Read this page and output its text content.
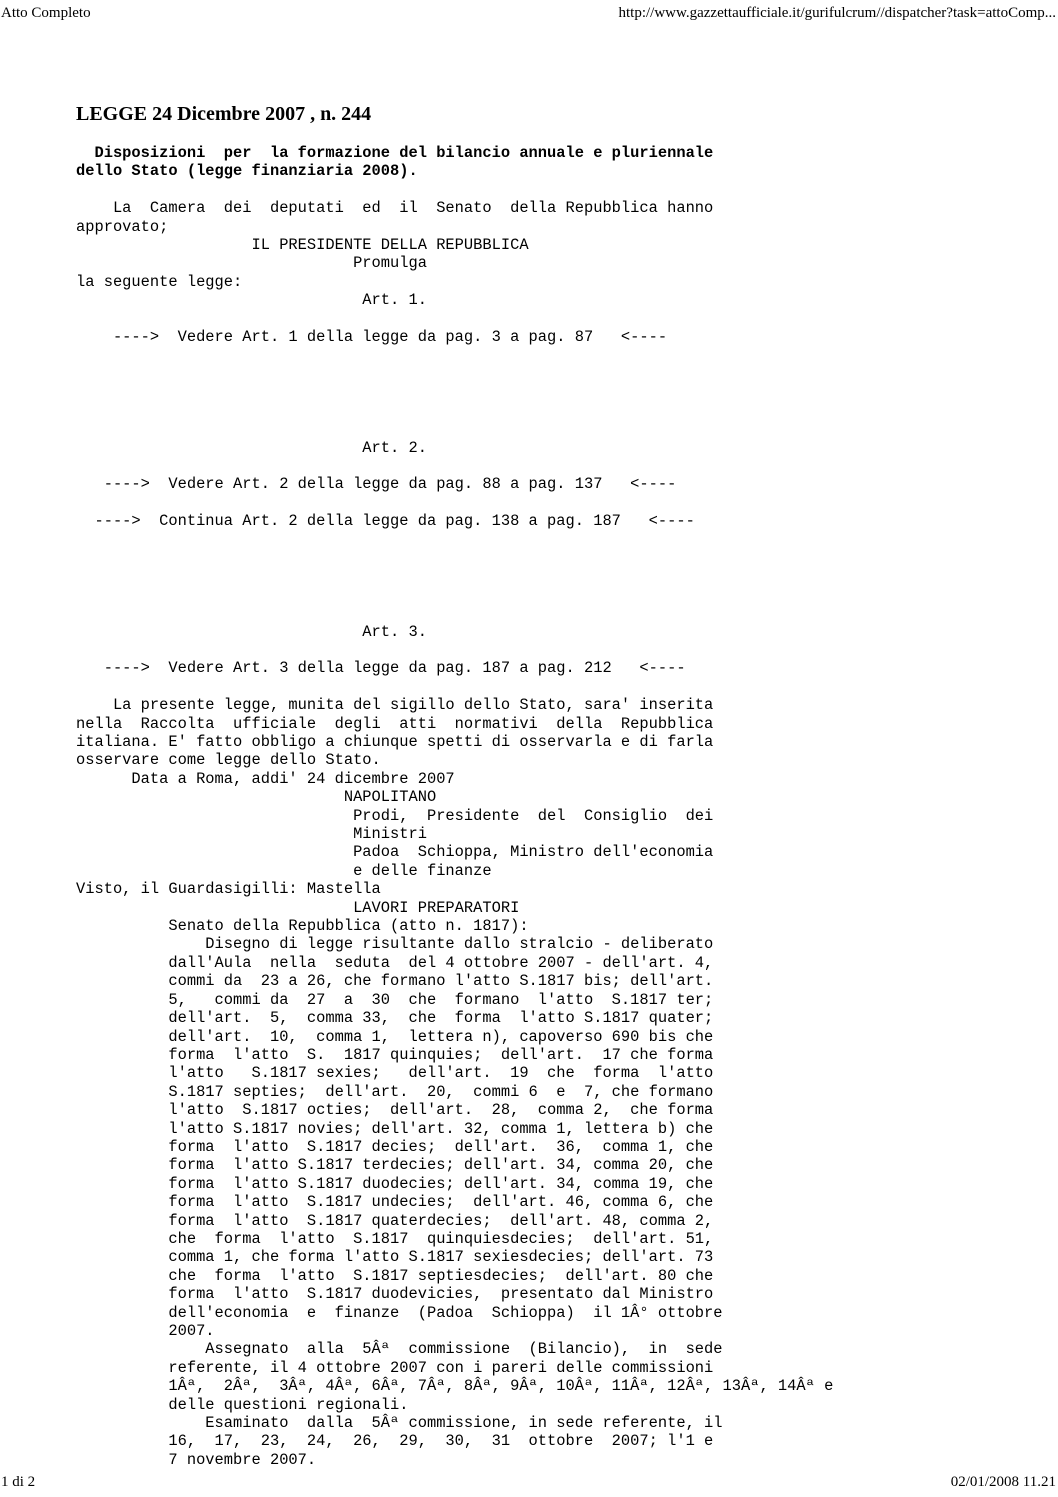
Atto Completo	http://www.gazzettaufficiale.it/gurifulcrum//dispatcher?task=attoComp...
LEGGE 24 Dicembre 2007 , n. 244
Disposizioni  per  la formazione del bilancio annuale e pluriennale
dello Stato (legge finanziaria 2008).
La  Camera  dei  deputati  ed  il  Senato  della Repubblica hanno
approvato;
IL PRESIDENTE DELLA REPUBBLICA
Promulga
la seguente legge:
Art. 1.
---->  Vedere Art. 1 della legge da pag. 3 a pag. 87   <----
Art. 2.
---->  Vedere Art. 2 della legge da pag. 88 a pag. 137   <----
---->  Continua Art. 2 della legge da pag. 138 a pag. 187   <----
Art. 3.
---->  Vedere Art. 3 della legge da pag. 187 a pag. 212   <----
La presente legge, munita del sigillo dello Stato, sara' inserita
nella  Raccolta  ufficiale  degli  atti  normativi  della  Repubblica
italiana. E' fatto obbligo a chiunque spetti di osservarla e di farla
osservare come legge dello Stato.
Data a Roma, addi' 24 dicembre 2007
NAPOLITANO
Prodi,  Presidente  del  Consiglio  dei
Ministri
Padoa  Schioppa, Ministro dell'economia
e delle finanze
Visto, il Guardasigilli: Mastella
LAVORI PREPARATORI
Senato della Repubblica (atto n. 1817):
Disegno di legge risultante dallo stralcio - deliberato
dall'Aula  nella  seduta  del 4 ottobre 2007 - dell'art. 4,
commi da  23 a 26, che formano l'atto S.1817 bis; dell'art.
5,   commi da  27  a  30  che  formano  l'atto  S.1817 ter;
dell'art.  5,  comma 33,  che  forma  l'atto S.1817 quater;
dell'art.  10,  comma 1,  lettera n), capoverso 690 bis che
forma  l'atto  S.  1817 quinquies;  dell'art.  17 che forma
l'atto   S.1817 sexies;   dell'art.  19  che  forma  l'atto
S.1817 septies;  dell'art.  20,  commi 6  e  7, che formano
l'atto  S.1817 octies;  dell'art.  28,  comma 2,  che forma
l'atto S.1817 novies; dell'art. 32, comma 1, lettera b) che
forma  l'atto  S.1817 decies;  dell'art.  36,  comma 1, che
forma  l'atto S.1817 terdecies; dell'art. 34, comma 20, che
forma  l'atto S.1817 duodecies; dell'art. 34, comma 19, che
forma  l'atto  S.1817 undecies;  dell'art. 46, comma 6, che
forma  l'atto  S.1817 quaterdecies;  dell'art. 48, comma 2,
che  forma  l'atto  S.1817  quinquiesdecies;  dell'art. 51,
comma 1, che forma l'atto S.1817 sexiesdecies; dell'art. 73
che  forma  l'atto  S.1817 septiesdecies;  dell'art. 80 che
forma  l'atto  S.1817 duodevicies,  presentato dal Ministro
dell'economia  e  finanze  (Padoa  Schioppa)  il 1Â° ottobre
2007.
Assegnato  alla  5Âª  commissione  (Bilancio),  in  sede
referente, il 4 ottobre 2007 con i pareri delle commissioni
1Âª,  2Âª,  3Âª, 4Âª, 6Âª, 7Âª, 8Âª, 9Âª, 10Âª, 11Âª, 12Âª, 13Âª, 14Âª e
delle questioni regionali.
Esaminato  dalla  5Âª commissione, in sede referente, il
16,  17,  23,  24,  26,  29,  30,  31  ottobre  2007; l'1 e
7 novembre 2007.
1 di 2	02/01/2008 11.21
